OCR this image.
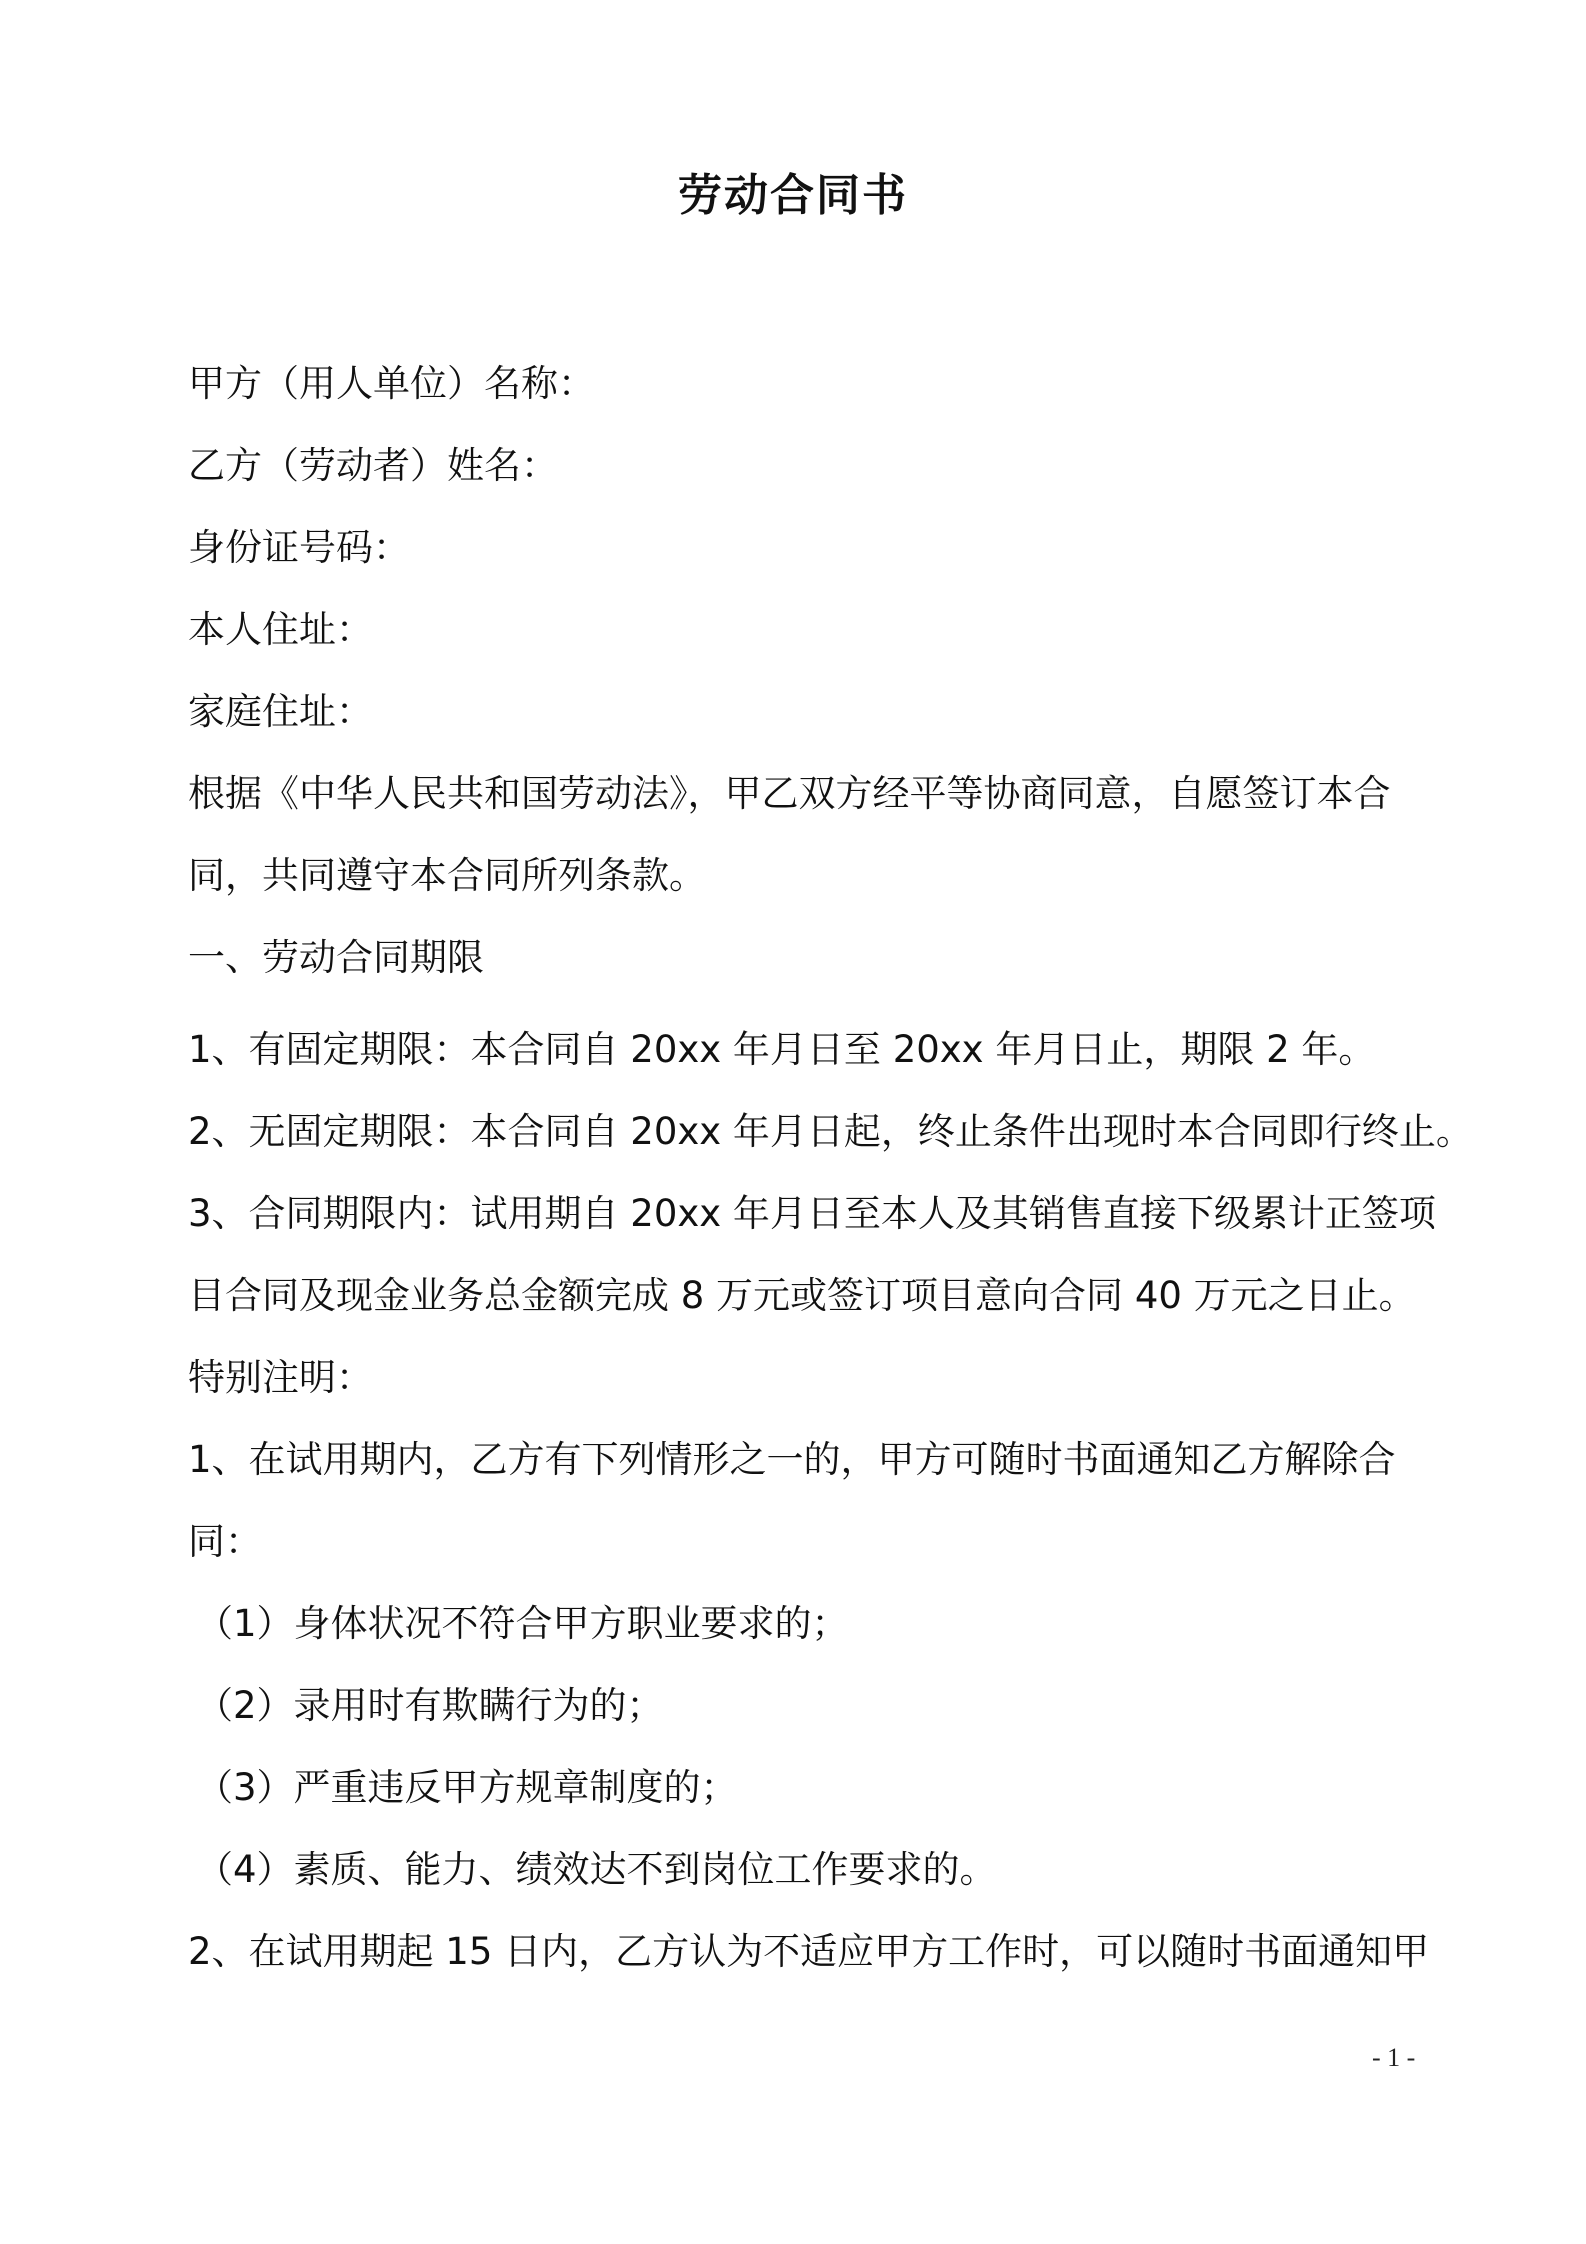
劳动合同书
甲方（用人单位）名称：
乙方（劳动者）姓名：
身份证号码：
本人住址：
家庭住址：
根据《中华人民共和国劳动法》，甲乙双方经平等协商同意，自愿签订本合
同，共同遵守本合同所列条款。
一、劳动合同期限
1、有固定期限：本合同自 20xx 年月日至 20xx 年月日止，期限 2 年。
2、无固定期限：本合同自 20xx 年月日起，终止条件出现时本合同即行终止。
3、合同期限内：试用期自 20xx 年月日至本人及其销售直接下级累计正签项
目合同及现金业务总金额完成 8 万元或签订项目意向合同 40 万元之日止。
特别注明：
1、在试用期内，乙方有下列情形之一的，甲方可随时书面通知乙方解除合
同：
（1）身体状况不符合甲方职业要求的；
（2）录用时有欺瞒行为的；
（3）严重违反甲方规章制度的；
（4）素质、能力、绩效达不到岗位工作要求的。
2、在试用期起 15 日内，乙方认为不适应甲方工作时，可以随时书面通知甲
- 1 -
